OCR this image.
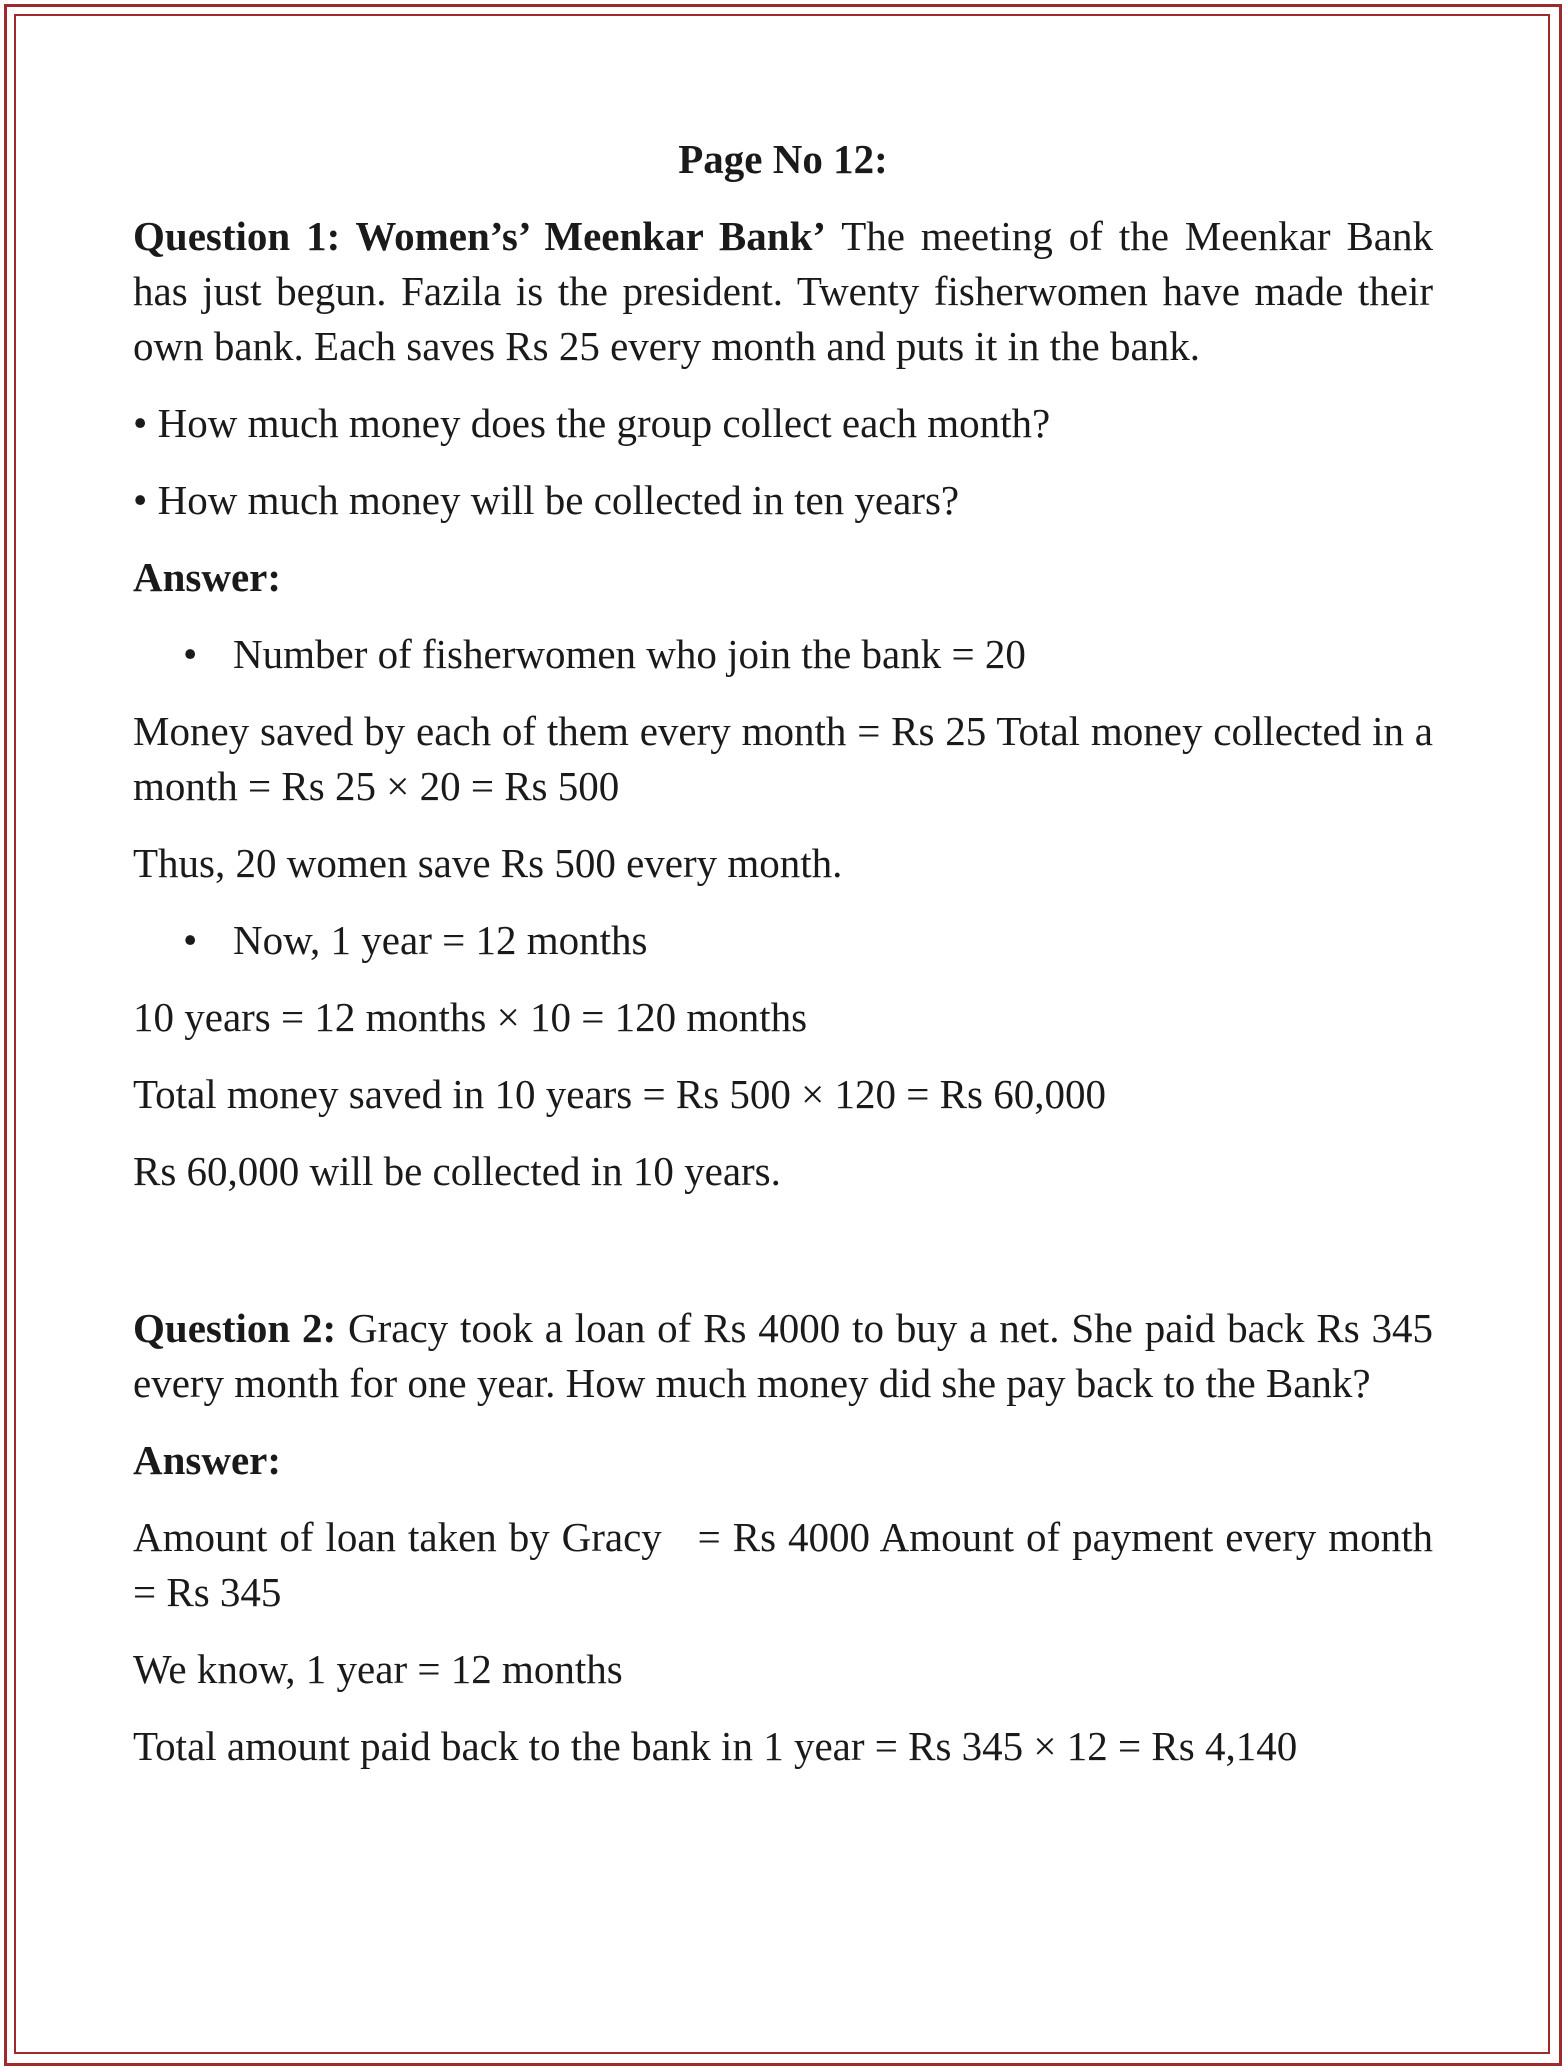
Page No 12:

Question 1: Women’s’ Meenkar Bank’ The meeting of the Meenkar Bank has just begun. Fazila is the president. Twenty fisherwomen have made their own bank. Each saves Rs 25 every month and puts it in the bank.

• How much money does the group collect each month?

• How much money will be collected in ten years?

Answer:

• Number of fisherwomen who join the bank = 20

Money saved by each of them every month = Rs 25 Total money collected in a month = Rs 25 × 20 = Rs 500

Thus, 20 women save Rs 500 every month.

• Now, 1 year = 12 months

10 years = 12 months × 10 = 120 months

Total money saved in 10 years = Rs 500 × 120 = Rs 60,000

Rs 60,000 will be collected in 10 years.

Question 2: Gracy took a loan of Rs 4000 to buy a net. She paid back Rs 345 every month for one year. How much money did she pay back to the Bank?

Answer:

Amount of loan taken by Gracy   = Rs 4000 Amount of payment every month = Rs 345

We know, 1 year = 12 months

Total amount paid back to the bank in 1 year = Rs 345 × 12 = Rs 4,140
